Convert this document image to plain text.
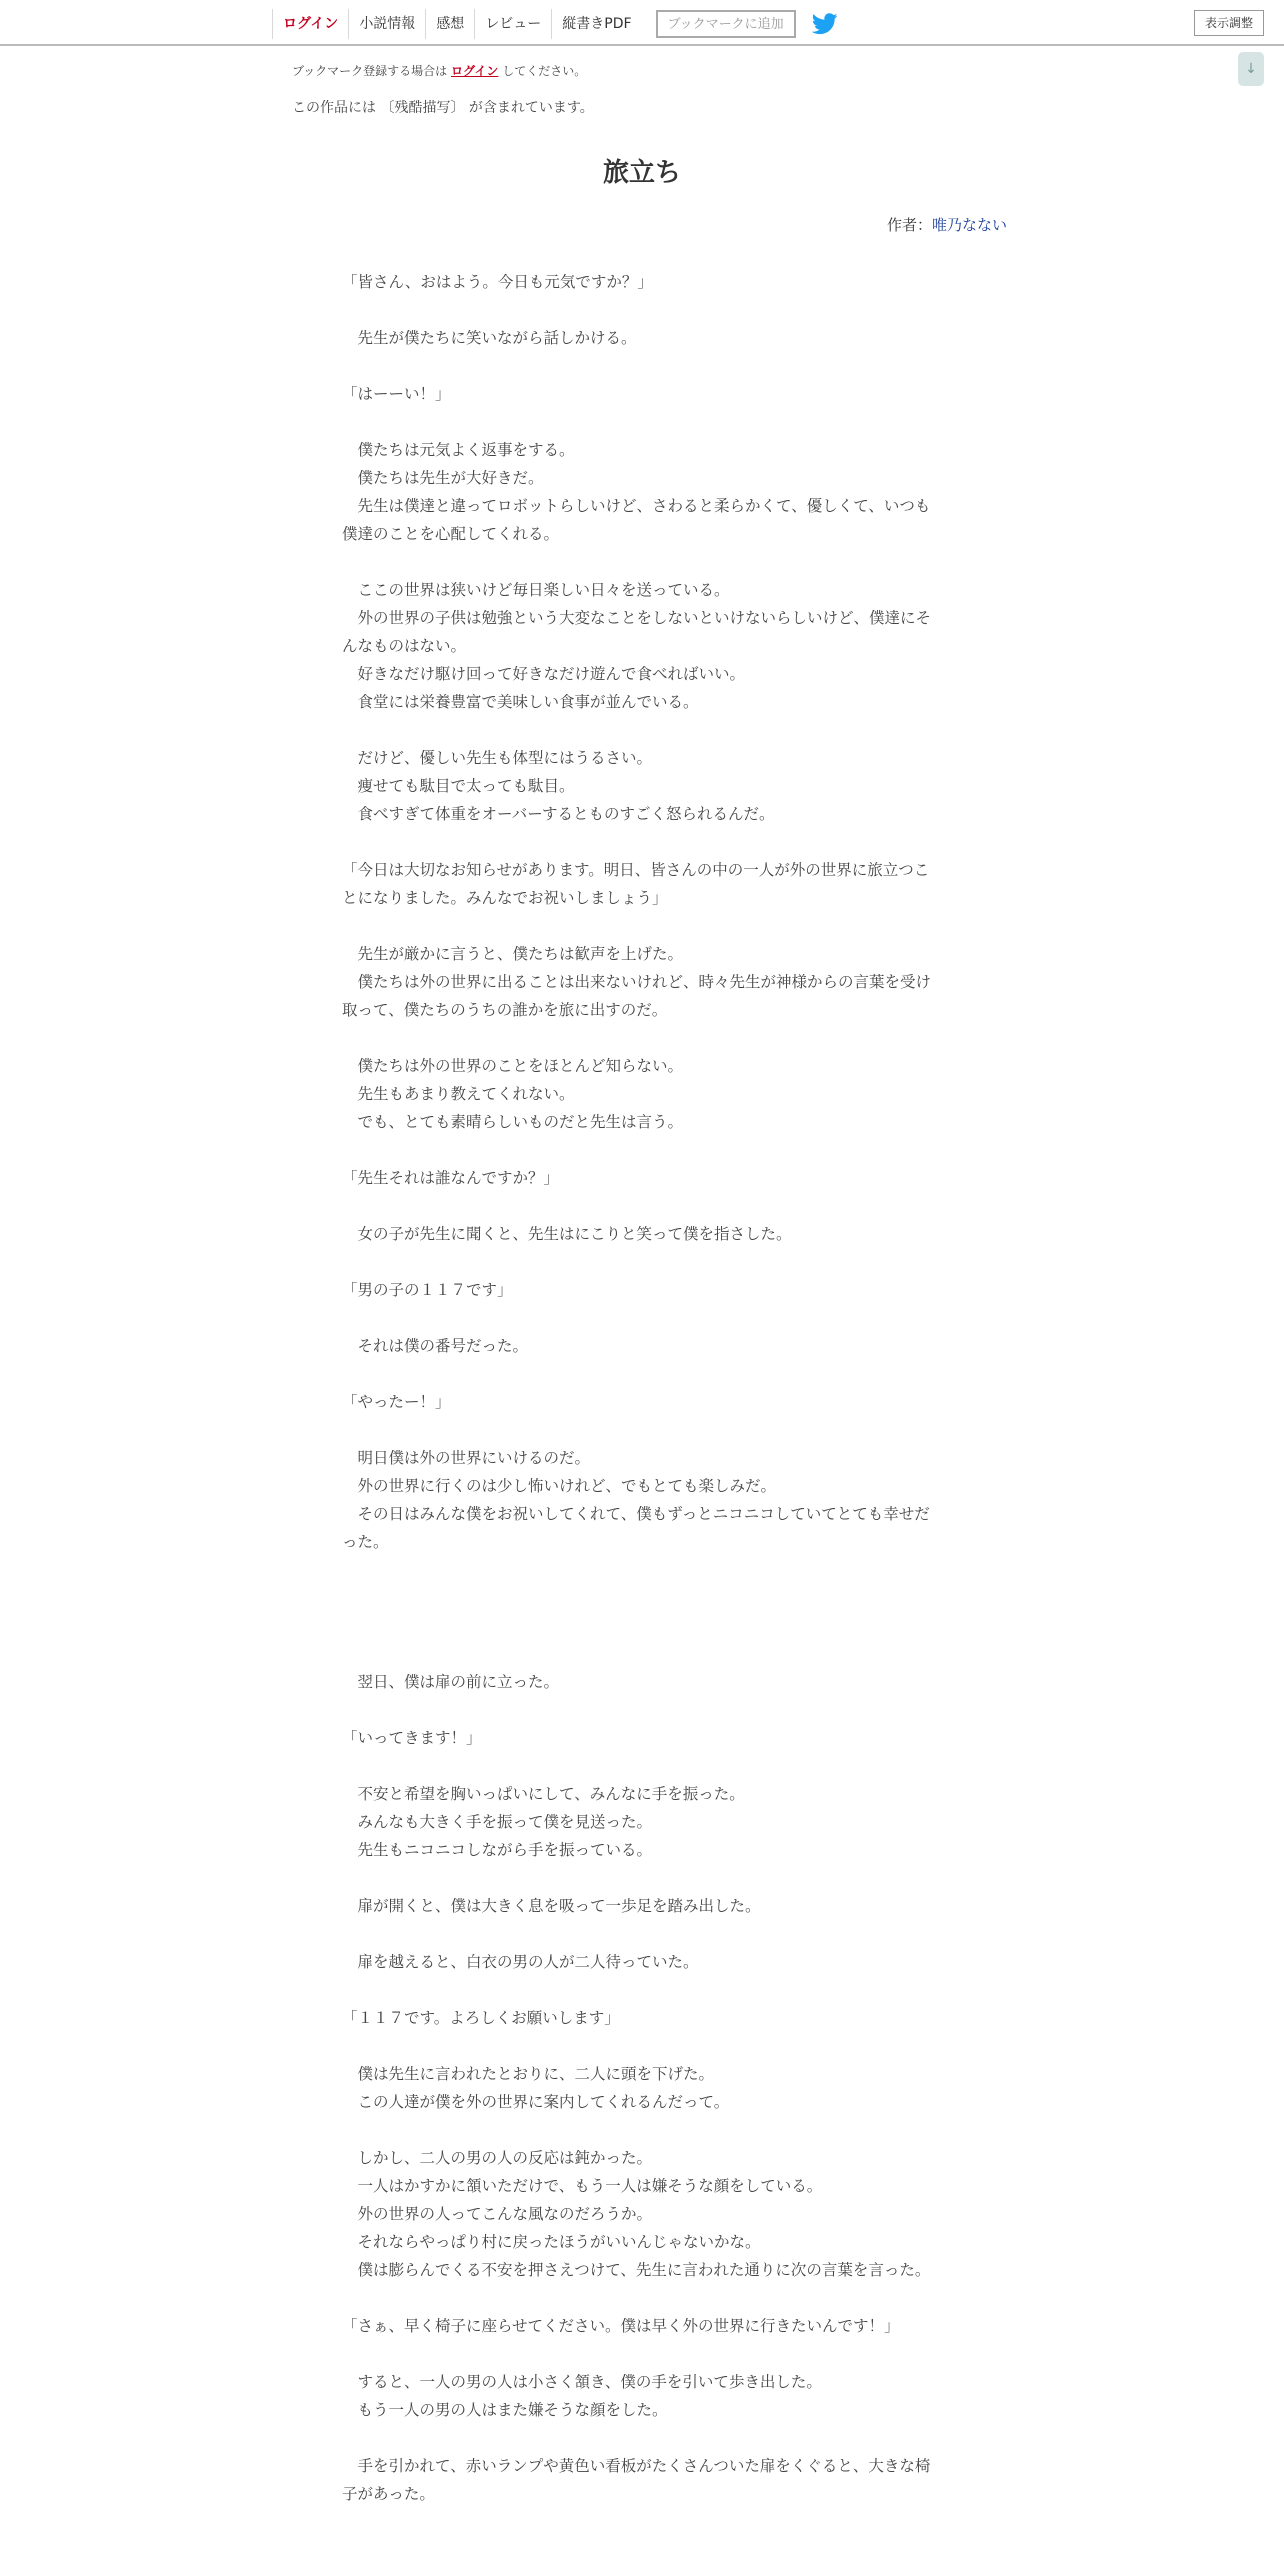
ログイン	小説情報	感想	レビュー	縦書きPDF	ブックマークに追加	表示調整
↓
ブックマーク登録する場合は ログイン してください。
この作品には 〔残酷描写〕 が含まれています。
旅立ち
作者：唯乃なない

「皆さん、おはよう。今日も元気ですか？」

　先生が僕たちに笑いながら話しかける。

「はーーい！」

　僕たちは元気よく返事をする。

　僕たちは先生が大好きだ。

　先生は僕達と違ってロボットらしいけど、さわると柔らかくて、優しくて、いつも僕達のことを心配してくれる。

　ここの世界は狭いけど毎日楽しい日々を送っている。

　外の世界の子供は勉強という大変なことをしないといけないらしいけど、僕達にそんなものはない。

　好きなだけ駆け回って好きなだけ遊んで食べればいい。

　食堂には栄養豊富で美味しい食事が並んでいる。

　だけど、優しい先生も体型にはうるさい。

　痩せても駄目で太っても駄目。

　食べすぎて体重をオーバーするとものすごく怒られるんだ。

「今日は大切なお知らせがあります。明日、皆さんの中の一人が外の世界に旅立つことになりました。みんなでお祝いしましょう」

　先生が厳かに言うと、僕たちは歓声を上げた。

　僕たちは外の世界に出ることは出来ないけれど、時々先生が神様からの言葉を受け取って、僕たちのうちの誰かを旅に出すのだ。

　僕たちは外の世界のことをほとんど知らない。

　先生もあまり教えてくれない。

　でも、とても素晴らしいものだと先生は言う。

「先生それは誰なんですか？」

　女の子が先生に聞くと、先生はにこりと笑って僕を指さした。

「男の子の１１７です」

　それは僕の番号だった。

「やったー！」

　明日僕は外の世界にいけるのだ。

　外の世界に行くのは少し怖いけれど、でもとても楽しみだ。

　その日はみんな僕をお祝いしてくれて、僕もずっとニコニコしていてとても幸せだった。

　翌日、僕は扉の前に立った。

「いってきます！」

　不安と希望を胸いっぱいにして、みんなに手を振った。

　みんなも大きく手を振って僕を見送った。

　先生もニコニコしながら手を振っている。

　扉が開くと、僕は大きく息を吸って一歩足を踏み出した。

　扉を越えると、白衣の男の人が二人待っていた。

「１１７です。よろしくお願いします」

　僕は先生に言われたとおりに、二人に頭を下げた。

　この人達が僕を外の世界に案内してくれるんだって。

　しかし、二人の男の人の反応は鈍かった。

　一人はかすかに頷いただけで、もう一人は嫌そうな顔をしている。

　外の世界の人ってこんな風なのだろうか。

　それならやっぱり村に戻ったほうがいいんじゃないかな。

　僕は膨らんでくる不安を押さえつけて、先生に言われた通りに次の言葉を言った。

「さぁ、早く椅子に座らせてください。僕は早く外の世界に行きたいんです！」

　すると、一人の男の人は小さく頷き、僕の手を引いて歩き出した。

　もう一人の男の人はまた嫌そうな顔をした。

　手を引かれて、赤いランプや黄色い看板がたくさんついた扉をくぐると、大きな椅子があった。
